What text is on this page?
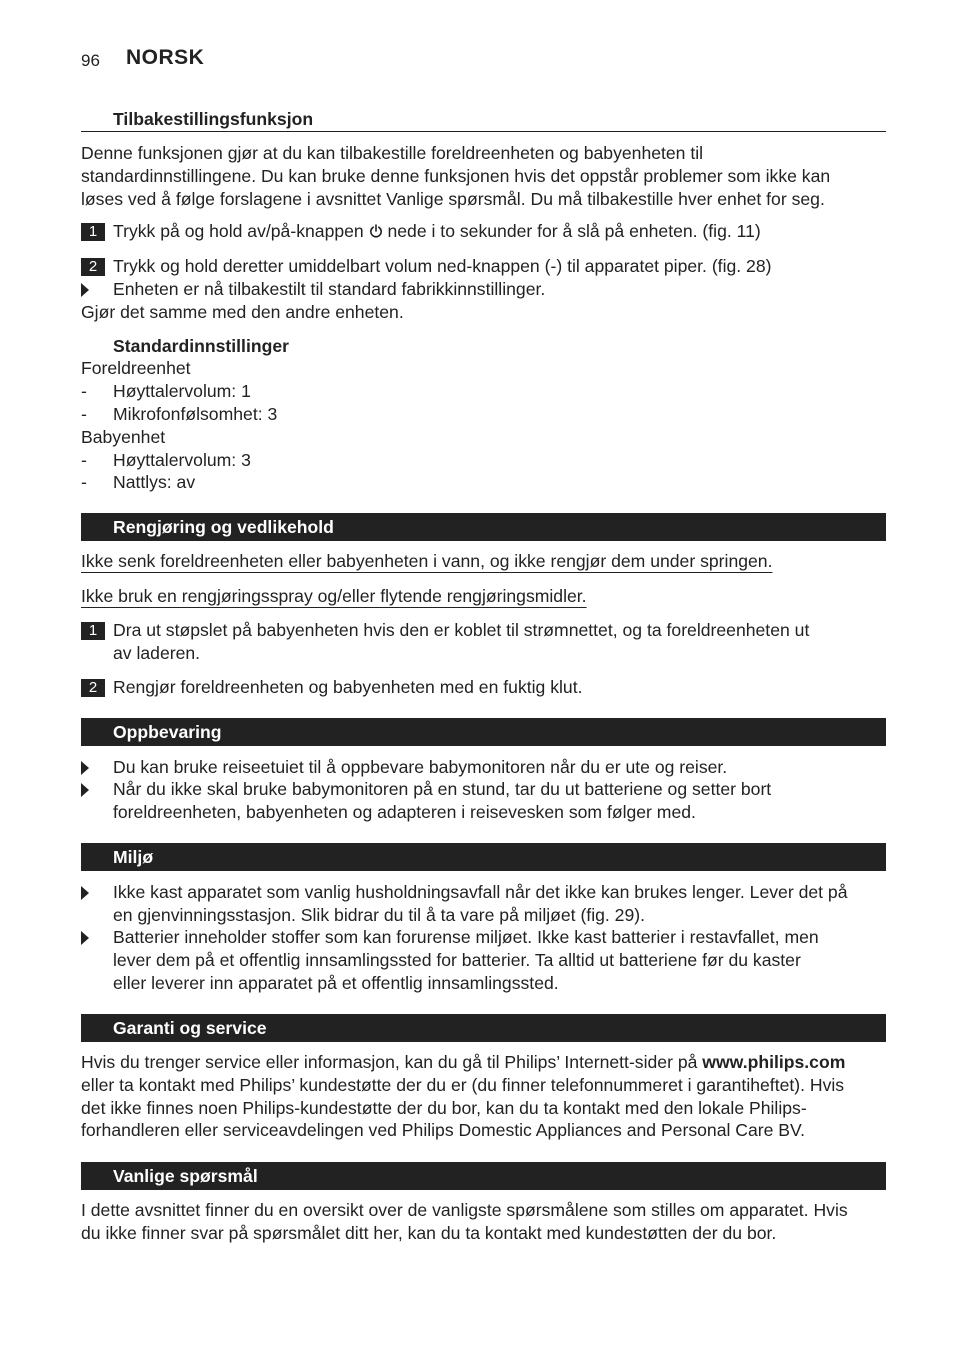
96 NORSK
Tilbakestillingsfunksjon
Denne funksjonen gjør at du kan tilbakestille foreldreenheten og babyenheten til
standardinnstillingene. Du kan bruke denne funksjonen hvis det oppstår problemer som ikke kan
løses ved å følge forslagene i avsnittet Vanlige spørsmål. Du må tilbakestille hver enhet for seg.
1 Trykk på og hold av/på-knappen nede i to sekunder for å slå på enheten. (fig. 11)
2 Trykk og hold deretter umiddelbart volum ned-knappen (-) til apparatet piper. (fig. 28)
Enheten er nå tilbakestilt til standard fabrikkinnstillinger.
Gjør det samme med den andre enheten.
Standardinnstillinger
Foreldreenhet
- Høyttalervolum: 1
- Mikrofonfølsomhet: 3
Babyenhet
- Høyttalervolum: 3
- Nattlys: av
Rengjøring og vedlikehold
Ikke senk foreldreenheten eller babyenheten i vann, og ikke rengjør dem under springen.
Ikke bruk en rengjøringsspray og/eller flytende rengjøringsmidler.
1 Dra ut støpslet på babyenheten hvis den er koblet til strømnettet, og ta foreldreenheten ut
av laderen.
2 Rengjør foreldreenheten og babyenheten med en fuktig klut.
Oppbevaring
Du kan bruke reiseetuiet til å oppbevare babymonitoren når du er ute og reiser.
Når du ikke skal bruke babymonitoren på en stund, tar du ut batteriene og setter bort
foreldreenheten, babyenheten og adapteren i reisevesken som følger med.
Miljø
Ikke kast apparatet som vanlig husholdningsavfall når det ikke kan brukes lenger. Lever det på
en gjenvinningsstasjon. Slik bidrar du til å ta vare på miljøet (fig. 29).
Batterier inneholder stoffer som kan forurense miljøet. Ikke kast batterier i restavfallet, men
lever dem på et offentlig innsamlingssted for batterier. Ta alltid ut batteriene før du kaster
eller leverer inn apparatet på et offentlig innsamlingssted.
Garanti og service
Hvis du trenger service eller informasjon, kan du gå til Philips’ Internett-sider på www.philips.com
eller ta kontakt med Philips’ kundestøtte der du er (du finner telefonnummeret i garantiheftet). Hvis
det ikke finnes noen Philips-kundestøtte der du bor, kan du ta kontakt med den lokale Philips-
forhandleren eller serviceavdelingen ved Philips Domestic Appliances and Personal Care BV.
Vanlige spørsmål
I dette avsnittet finner du en oversikt over de vanligste spørsmålene som stilles om apparatet. Hvis
du ikke finner svar på spørsmålet ditt her, kan du ta kontakt med kundestøtten der du bor.
